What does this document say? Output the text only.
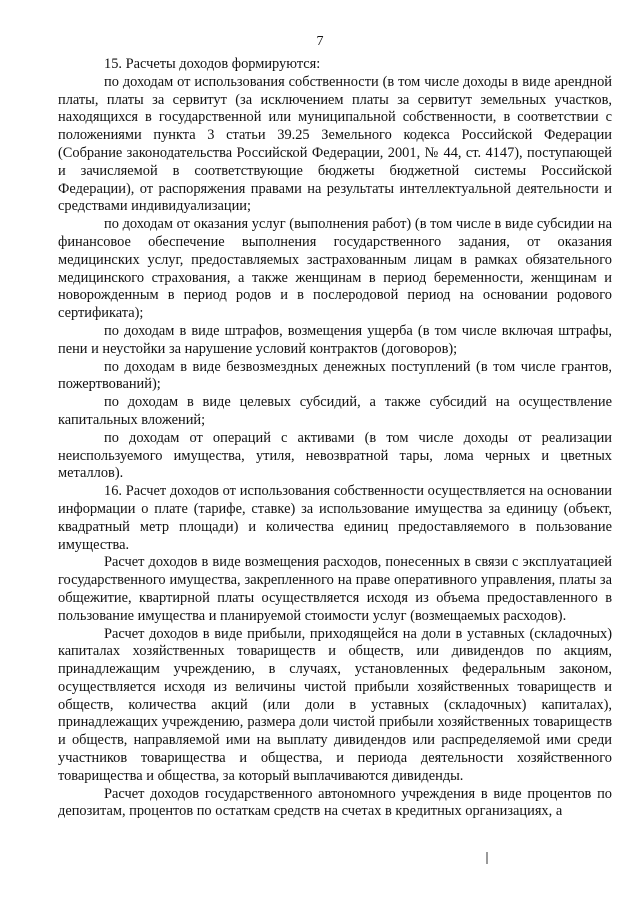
7

15. Расчеты доходов формируются:

по доходам от использования собственности (в том числе доходы в виде арендной платы, платы за сервитут (за исключением платы за сервитут земельных участков, находящихся в государственной или муниципальной собственности, в соответствии с положениями пункта 3 статьи 39.25 Земельного кодекса Российской Федерации (Собрание законодательства Российской Федерации, 2001, № 44, ст. 4147), поступающей и зачисляемой в соответствующие бюджеты бюджетной системы Российской Федерации), от распоряжения правами на результаты интеллектуальной деятельности и средствами индивидуализации;

по доходам от оказания услуг (выполнения работ) (в том числе в виде субсидии на финансовое обеспечение выполнения государственного задания, от оказания медицинских услуг, предоставляемых застрахованным лицам в рамках обязательного медицинского страхования, а также женщинам в период беременности, женщинам и новорожденным в период родов и в послеродовой период на основании родового сертификата);

по доходам в виде штрафов, возмещения ущерба (в том числе включая штрафы, пени и неустойки за нарушение условий контрактов (договоров);

по доходам в виде безвозмездных денежных поступлений (в том числе грантов, пожертвований);

по доходам в виде целевых субсидий, а также субсидий на осуществление капитальных вложений;

по доходам от операций с активами (в том числе доходы от реализации неиспользуемого имущества, утиля, невозвратной тары, лома черных и цветных металлов).

16. Расчет доходов от использования собственности осуществляется на основании информации о плате (тарифе, ставке) за использование имущества за единицу (объект, квадратный метр площади) и количества единиц предоставляемого в пользование имущества.

Расчет доходов в виде возмещения расходов, понесенных в связи с эксплуатацией государственного имущества, закрепленного на праве оперативного управления, платы за общежитие, квартирной платы осуществляется исходя из объема предоставленного в пользование имущества и планируемой стоимости услуг (возмещаемых расходов).

Расчет доходов в виде прибыли, приходящейся на доли в уставных (складочных) капиталах хозяйственных товариществ и обществ, или дивидендов по акциям, принадлежащим учреждению, в случаях, установленных федеральным законом, осуществляется исходя из величины чистой прибыли хозяйственных товариществ и обществ, количества акций (или доли в уставных (складочных) капиталах), принадлежащих учреждению, размера доли чистой прибыли хозяйственных товариществ и обществ, направляемой ими на выплату дивидендов или распределяемой ими среди участников товарищества и общества, и периода деятельности хозяйственного товарищества и общества, за который выплачиваются дивиденды.

Расчет доходов государственного автономного учреждения в виде процентов по депозитам, процентов по остаткам средств на счетах в кредитных организациях, а
